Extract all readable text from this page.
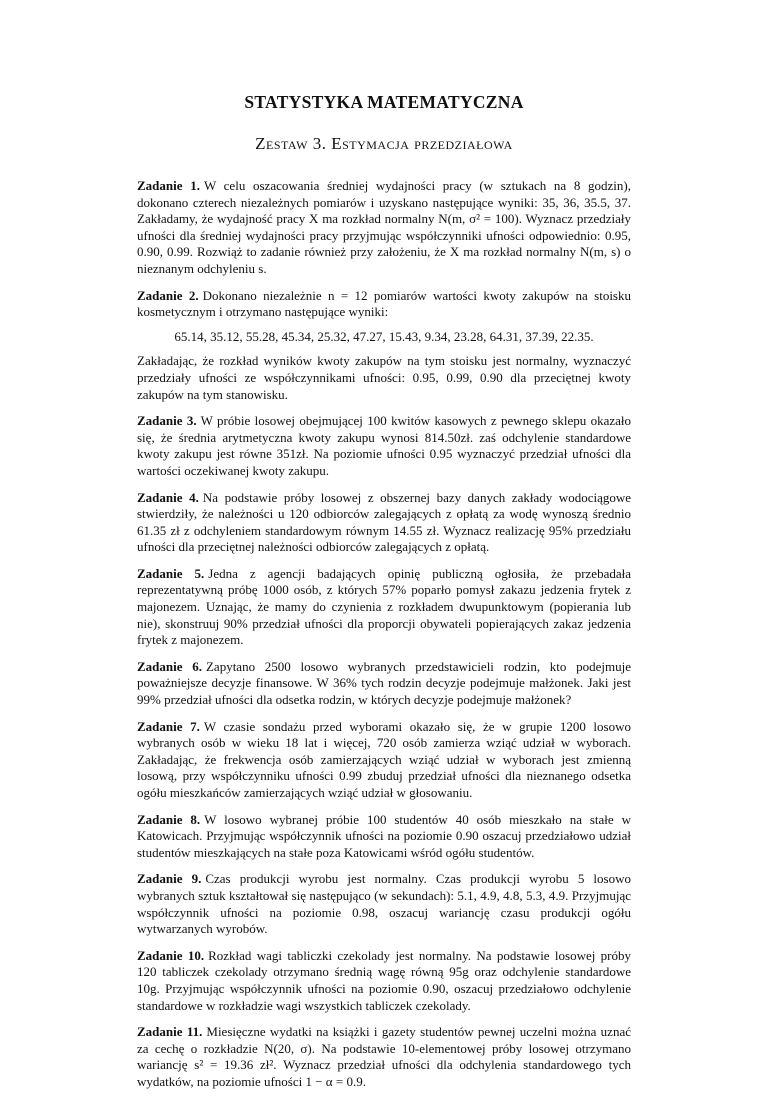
STATYSTYKA MATEMATYCZNA
Zestaw 3. Estymacja przedziałowa

Zadanie 1. W celu oszacowania średniej wydajności pracy (w sztukach na 8 godzin), dokonano czterech niezależnych pomiarów i uzyskano następujące wyniki: 35, 36, 35.5, 37. Zakładamy, że wydajność pracy X ma rozkład normalny N(m, σ² = 100). Wyznacz przedziały ufności dla średniej wydajności pracy przyjmując współczynniki ufności odpowiednio: 0.95, 0.90, 0.99. Rozwiąż to zadanie również przy założeniu, że X ma rozkład normalny N(m, s) o nieznanym odchyleniu s.

Zadanie 2. Dokonano niezależnie n = 12 pomiarów wartości kwoty zakupów na stoisku kosmetycznym i otrzymano następujące wyniki:

65.14, 35.12, 55.28, 45.34, 25.32, 47.27, 15.43, 9.34, 23.28, 64.31, 37.39, 22.35.

Zakładając, że rozkład wyników kwoty zakupów na tym stoisku jest normalny, wyznaczyć przedziały ufności ze współczynnikami ufności: 0.95, 0.99, 0.90 dla przeciętnej kwoty zakupów na tym stanowisku.

Zadanie 3. W próbie losowej obejmującej 100 kwitów kasowych z pewnego sklepu okazało się, że średnia arytmetyczna kwoty zakupu wynosi 814.50zł. zaś odchylenie standardowe kwoty zakupu jest równe 351zł. Na poziomie ufności 0.95 wyznaczyć przedział ufności dla wartości oczekiwanej kwoty zakupu.

Zadanie 4. Na podstawie próby losowej z obszernej bazy danych zakłady wodociągowe stwierdziły, że należności u 120 odbiorców zalegających z opłatą za wodę wynoszą średnio 61.35 zł z odchyleniem standardowym równym 14.55 zł. Wyznacz realizację 95% przedziału ufności dla przeciętnej należności odbiorców zalegających z opłatą.

Zadanie 5. Jedna z agencji badających opinię publiczną ogłosiła, że przebadała reprezentatywną próbę 1000 osób, z których 57% poparło pomysł zakazu jedzenia frytek z majonezem. Uznając, że mamy do czynienia z rozkładem dwupunktowym (popierania lub nie), skonstruuj 90% przedział ufności dla proporcji obywateli popierających zakaz jedzenia frytek z majonezem.

Zadanie 6. Zapytano 2500 losowo wybranych przedstawicieli rodzin, kto podejmuje poważniejsze decyzje finansowe. W 36% tych rodzin decyzje podejmuje małżonek. Jaki jest 99% przedział ufności dla odsetka rodzin, w których decyzje podejmuje małżonek?

Zadanie 7. W czasie sondażu przed wyborami okazało się, że w grupie 1200 losowo wybranych osób w wieku 18 lat i więcej, 720 osób zamierza wziąć udział w wyborach. Zakładając, że frekwencja osób zamierzających wziąć udział w wyborach jest zmienną losową, przy współczynniku ufności 0.99 zbuduj przedział ufności dla nieznanego odsetka ogółu mieszkańców zamierzających wziąć udział w głosowaniu.

Zadanie 8. W losowo wybranej próbie 100 studentów 40 osób mieszkało na stałe w Katowicach. Przyjmując współczynnik ufności na poziomie 0.90 oszacuj przedziałowo udział studentów mieszkających na stałe poza Katowicami wśród ogółu studentów.

Zadanie 9. Czas produkcji wyrobu jest normalny. Czas produkcji wyrobu 5 losowo wybranych sztuk kształtował się następująco (w sekundach): 5.1, 4.9, 4.8, 5.3, 4.9. Przyjmując współczynnik ufności na poziomie 0.98, oszacuj wariancję czasu produkcji ogółu wytwarzanych wyrobów.

Zadanie 10. Rozkład wagi tabliczki czekolady jest normalny. Na podstawie losowej próby 120 tabliczek czekolady otrzymano średnią wagę równą 95g oraz odchylenie standardowe 10g. Przyjmując współczynnik ufności na poziomie 0.90, oszacuj przedziałowo odchylenie standardowe w rozkładzie wagi wszystkich tabliczek czekolady.

Zadanie 11. Miesięczne wydatki na książki i gazety studentów pewnej uczelni można uznać za cechę o rozkładzie N(20, σ). Na podstawie 10-elementowej próby losowej otrzymano wariancję s² = 19.36 zł². Wyznacz przedział ufności dla odchylenia standardowego tych wydatków, na poziomie ufności 1 − α = 0.9.
